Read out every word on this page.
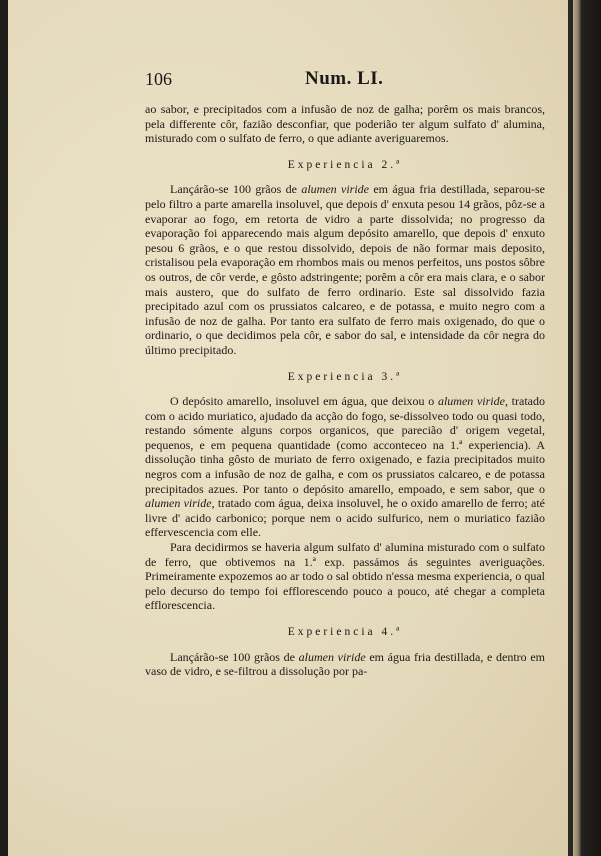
106	Num. LI.

ao sabor, e precipitados com a infusão de noz de galha; porêm os mais brancos, pela differente côr, fazião desconfiar, que poderião ter algum sulfato d' alumina, misturado com o sulfato de ferro, o que adiante averiguaremos.

Experiencia 2.ª

Lançárão-se 100 grãos de alumen viride em água fria destillada, separou-se pelo filtro a parte amarella insoluvel, que depois d' enxuta pesou 14 grãos, pôz-se a evaporar ao fogo, em retorta de vidro a parte dissolvida; no progresso da evaporação foi apparecendo mais algum depósito amarello, que depois d' enxuto pesou 6 grãos, e o que restou dissolvido, depois de não formar mais deposito, cristalisou pela evaporação em rhombos mais ou menos perfeitos, uns postos sôbre os outros, de côr verde, e gôsto adstringente; porêm a côr era mais clara, e o sabor mais austero, que do sulfato de ferro ordinario. Este sal dissolvido fazia precipitado azul com os prussiatos calcareo, e de potassa, e muito negro com a infusão de noz de galha. Por tanto era sulfato de ferro mais oxigenado, do que o ordinario, o que decidimos pela côr, e sabor do sal, e intensidade da côr negra do último precipitado.

Experiencia 3.ª

O depósito amarello, insoluvel em água, que deixou o alumen viride, tratado com o acido muriatico, ajudado da acção do fogo, se-dissolveo todo ou quasi todo, restando sómente alguns corpos organicos, que parecião d' origem vegetal, pequenos, e em pequena quantidade (como acconteceo na 1.ª experiencia). A dissolução tinha gôsto de muriato de ferro oxigenado, e fazia precipitados muito negros com a infusão de noz de galha, e com os prussiatos calcareo, e de potassa precipitados azues. Por tanto o depósito amarello, empoado, e sem sabor, que o alumen viride, tratado com água, deixa insoluvel, he o oxido amarello de ferro; até livre d' acido carbonico; porque nem o acido sulfurico, nem o muriatico fazião effervescencia com elle.

Para decidirmos se haveria algum sulfato d' alumina misturado com o sulfato de ferro, que obtivemos na 1.ª exp. passámos ás seguintes averiguações. Primeiramente expozemos ao ar todo o sal obtido n'essa mesma experiencia, o qual pelo decurso do tempo foi efflorescendo pouco a pouco, até chegar a completa efflorescencia.

Experiencia 4.ª

Lançárão-se 100 grãos de alumen viride em água fria destillada, e dentro em vaso de vidro, e se-filtrou a dissolução por pa-
